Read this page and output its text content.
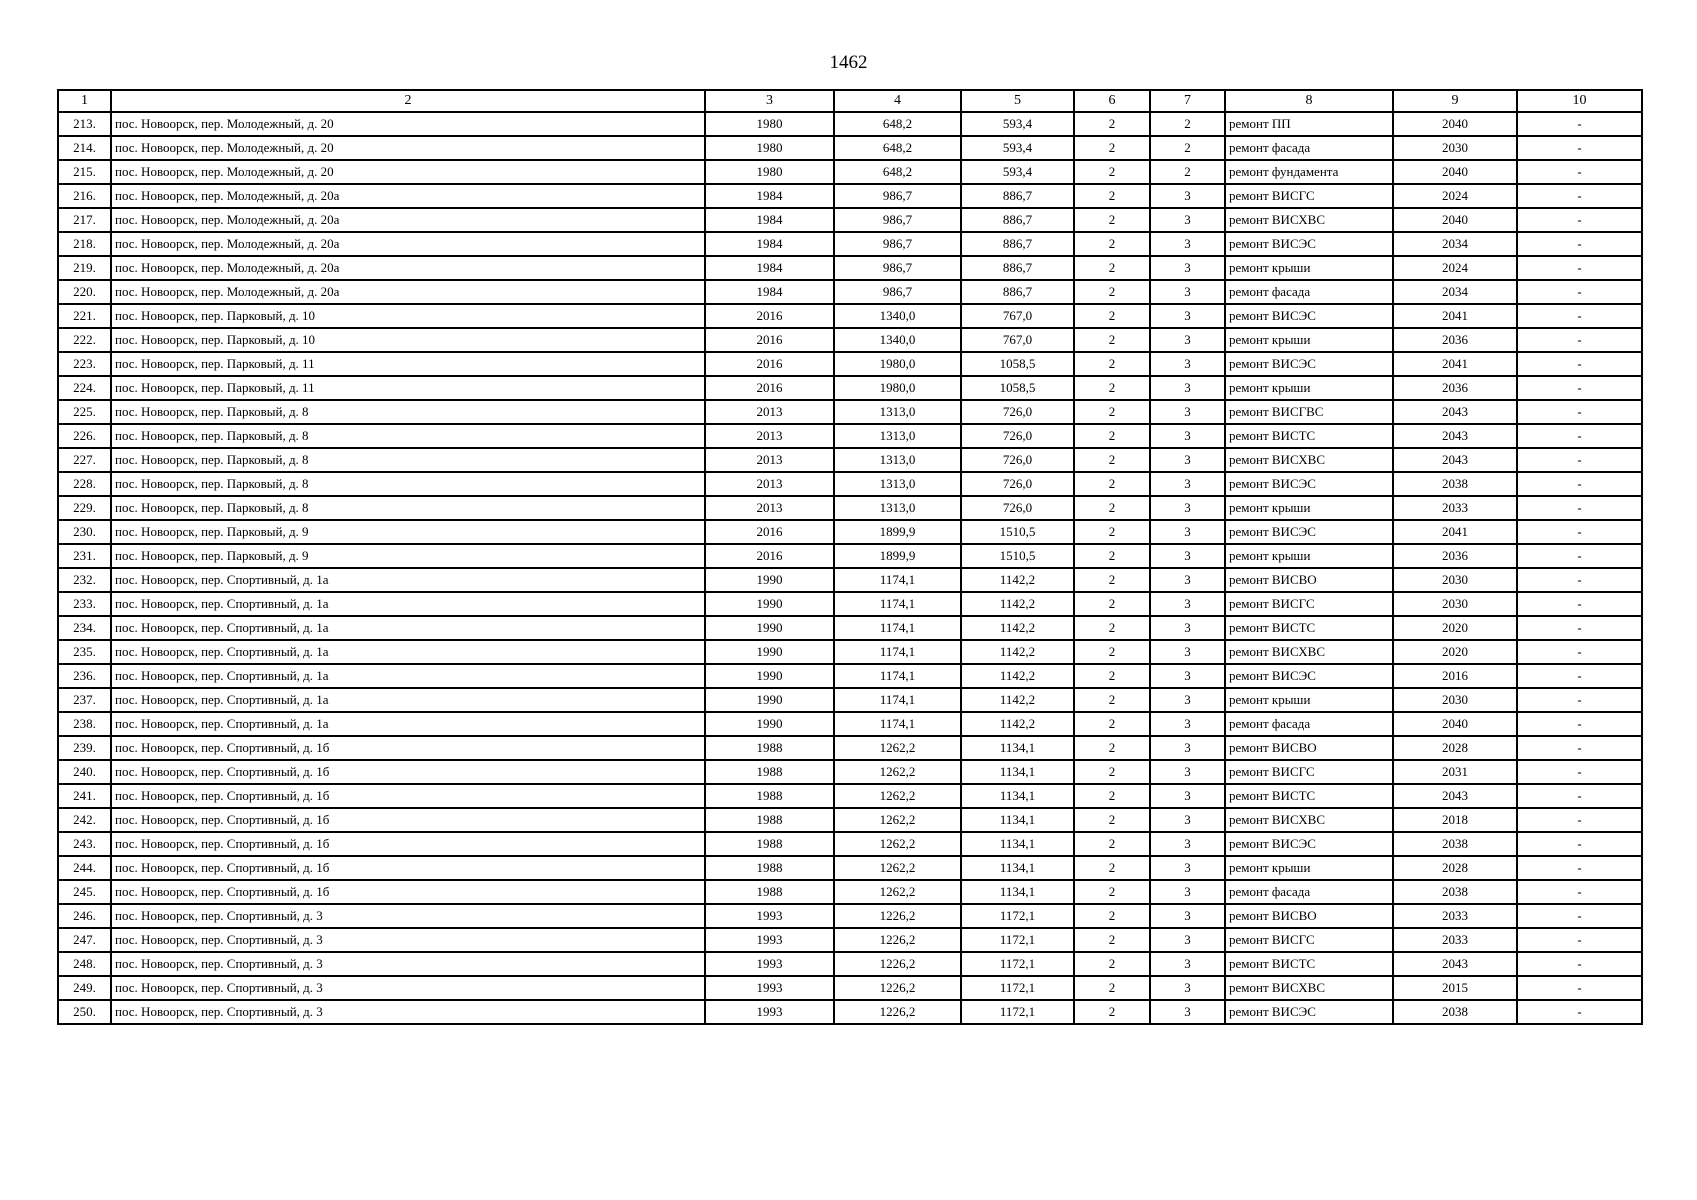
1462
1	2	3	4	5	6	7	8	9	10
213.	пос. Новоорск, пер. Молодежный, д. 20	1980	648,2	593,4	2	2	ремонт ПП	2040	-
214.	пос. Новоорск, пер. Молодежный, д. 20	1980	648,2	593,4	2	2	ремонт фасада	2030	-
215.	пос. Новоорск, пер. Молодежный, д. 20	1980	648,2	593,4	2	2	ремонт фундамента	2040	-
216.	пос. Новоорск, пер. Молодежный, д. 20а	1984	986,7	886,7	2	3	ремонт ВИСГС	2024	-
217.	пос. Новоорск, пер. Молодежный, д. 20а	1984	986,7	886,7	2	3	ремонт ВИСХВС	2040	-
218.	пос. Новоорск, пер. Молодежный, д. 20а	1984	986,7	886,7	2	3	ремонт ВИСЭС	2034	-
219.	пос. Новоорск, пер. Молодежный, д. 20а	1984	986,7	886,7	2	3	ремонт крыши	2024	-
220.	пос. Новоорск, пер. Молодежный, д. 20а	1984	986,7	886,7	2	3	ремонт фасада	2034	-
221.	пос. Новоорск, пер. Парковый, д. 10	2016	1340,0	767,0	2	3	ремонт ВИСЭС	2041	-
222.	пос. Новоорск, пер. Парковый, д. 10	2016	1340,0	767,0	2	3	ремонт крыши	2036	-
223.	пос. Новоорск, пер. Парковый, д. 11	2016	1980,0	1058,5	2	3	ремонт ВИСЭС	2041	-
224.	пос. Новоорск, пер. Парковый, д. 11	2016	1980,0	1058,5	2	3	ремонт крыши	2036	-
225.	пос. Новоорск, пер. Парковый, д. 8	2013	1313,0	726,0	2	3	ремонт ВИСГВС	2043	-
226.	пос. Новоорск, пер. Парковый, д. 8	2013	1313,0	726,0	2	3	ремонт ВИСТС	2043	-
227.	пос. Новоорск, пер. Парковый, д. 8	2013	1313,0	726,0	2	3	ремонт ВИСХВС	2043	-
228.	пос. Новоорск, пер. Парковый, д. 8	2013	1313,0	726,0	2	3	ремонт ВИСЭС	2038	-
229.	пос. Новоорск, пер. Парковый, д. 8	2013	1313,0	726,0	2	3	ремонт крыши	2033	-
230.	пос. Новоорск, пер. Парковый, д. 9	2016	1899,9	1510,5	2	3	ремонт ВИСЭС	2041	-
231.	пос. Новоорск, пер. Парковый, д. 9	2016	1899,9	1510,5	2	3	ремонт крыши	2036	-
232.	пос. Новоорск, пер. Спортивный, д. 1а	1990	1174,1	1142,2	2	3	ремонт ВИСВО	2030	-
233.	пос. Новоорск, пер. Спортивный, д. 1а	1990	1174,1	1142,2	2	3	ремонт ВИСГС	2030	-
234.	пос. Новоорск, пер. Спортивный, д. 1а	1990	1174,1	1142,2	2	3	ремонт ВИСТС	2020	-
235.	пос. Новоорск, пер. Спортивный, д. 1а	1990	1174,1	1142,2	2	3	ремонт ВИСХВС	2020	-
236.	пос. Новоорск, пер. Спортивный, д. 1а	1990	1174,1	1142,2	2	3	ремонт ВИСЭС	2016	-
237.	пос. Новоорск, пер. Спортивный, д. 1а	1990	1174,1	1142,2	2	3	ремонт крыши	2030	-
238.	пос. Новоорск, пер. Спортивный, д. 1а	1990	1174,1	1142,2	2	3	ремонт фасада	2040	-
239.	пос. Новоорск, пер. Спортивный, д. 1б	1988	1262,2	1134,1	2	3	ремонт ВИСВО	2028	-
240.	пос. Новоорск, пер. Спортивный, д. 1б	1988	1262,2	1134,1	2	3	ремонт ВИСГС	2031	-
241.	пос. Новоорск, пер. Спортивный, д. 1б	1988	1262,2	1134,1	2	3	ремонт ВИСТС	2043	-
242.	пос. Новоорск, пер. Спортивный, д. 1б	1988	1262,2	1134,1	2	3	ремонт ВИСХВС	2018	-
243.	пос. Новоорск, пер. Спортивный, д. 1б	1988	1262,2	1134,1	2	3	ремонт ВИСЭС	2038	-
244.	пос. Новоорск, пер. Спортивный, д. 1б	1988	1262,2	1134,1	2	3	ремонт крыши	2028	-
245.	пос. Новоорск, пер. Спортивный, д. 1б	1988	1262,2	1134,1	2	3	ремонт фасада	2038	-
246.	пос. Новоорск, пер. Спортивный, д. 3	1993	1226,2	1172,1	2	3	ремонт ВИСВО	2033	-
247.	пос. Новоорск, пер. Спортивный, д. 3	1993	1226,2	1172,1	2	3	ремонт ВИСГС	2033	-
248.	пос. Новоорск, пер. Спортивный, д. 3	1993	1226,2	1172,1	2	3	ремонт ВИСТС	2043	-
249.	пос. Новоорск, пер. Спортивный, д. 3	1993	1226,2	1172,1	2	3	ремонт ВИСХВС	2015	-
250.	пос. Новоорск, пер. Спортивный, д. 3	1993	1226,2	1172,1	2	3	ремонт ВИСЭС	2038	-
